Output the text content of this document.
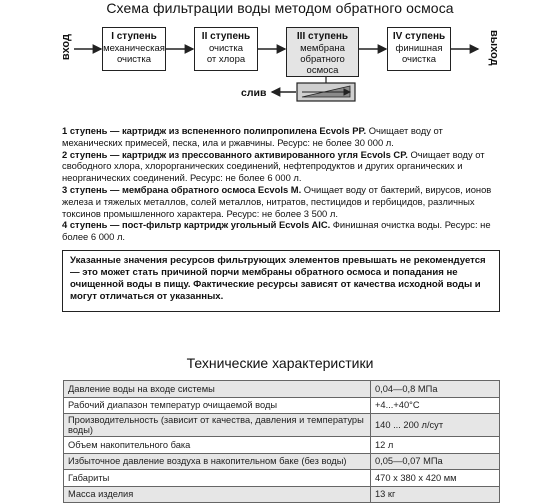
Схема фильтрации воды методом обратного осмоса
вход	выход
слив
I ступень
механическая
очистка
II ступень
очистка
от хлора
III ступень
мембрана
обратного
осмоса
IV ступень
финишная
очистка

1 ступень — картридж из вспененного полипропилена Ecvols PP. Очищает воду от механических примесей, песка, ила и ржавчины. Ресурс: не более 30 000 л.

2 ступень — картридж из прессованного активированного угля Ecvols CP. Очищает воду от свободного хлора, хлорорганических соединений, нефтепродуктов и других органических и неорганических соединений. Ресурс: не более 6 000 л.

3 ступень — мембрана обратного осмоса Ecvols M. Очищает воду от бактерий, вирусов, ионов железа и тяжелых металлов, солей металлов, нитратов, пестицидов и гербицидов, различных токсинов промышленного характера. Ресурс: не более 3 500 л.

4 ступень — пост-фильтр картридж угольный Ecvols AIC. Финишная очистка воды. Ресурс: не более 6 000 л.

Указанные значения ресурсов фильтрующих элементов превышать не рекомендуется — это может стать причиной порчи мембраны обратного осмоса и попадания не очищенной воды в пищу. Фактические ресурсы зависят от качества исходной воды и могут отличаться от указанных.
Технические характеристики
Давление воды на входе системы	0,04—0,8 МПа
Рабочий диапазон температур очищаемой воды	+4...+40°С
Производительность (зависит от качества, давления и температуры воды)	140 ... 200 л/сут
Объем накопительного бака	12 л
Избыточное давление воздуха в накопительном баке (без воды)	0,05—0,07 МПа
Габариты	470 х 380 х 420 мм
Масса изделия	13 кг
